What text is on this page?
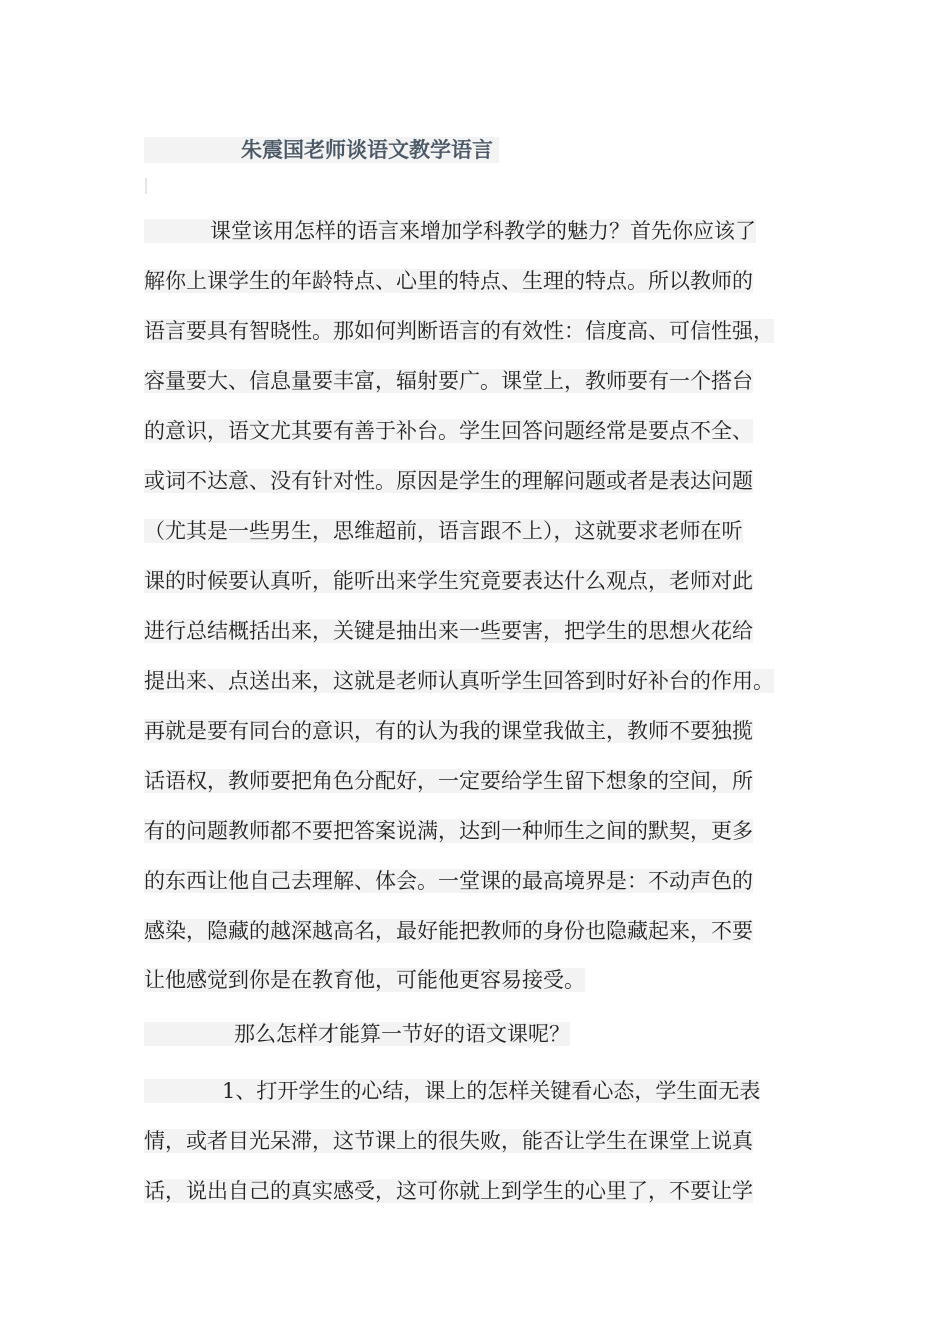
朱震国老师谈语文教学语言
课堂该用怎样的语言来增加学科教学的魅力？首先你应该了
解你上课学生的年龄特点、心里的特点、生理的特点。所以教师的
语言要具有智晓性。那如何判断语言的有效性：信度高、可信性强，
容量要大、信息量要丰富，辐射要广。课堂上，教师要有一个搭台
的意识，语文尤其要有善于补台。学生回答问题经常是要点不全、
或词不达意、没有针对性。原因是学生的理解问题或者是表达问题
（尤其是一些男生，思维超前，语言跟不上），这就要求老师在听
课的时候要认真听，能听出来学生究竟要表达什么观点，老师对此
进行总结概括出来，关键是抽出来一些要害，把学生的思想火花给
提出来、点送出来，这就是老师认真听学生回答到时好补台的作用。
再就是要有同台的意识，有的认为我的课堂我做主，教师不要独揽
话语权，教师要把角色分配好，一定要给学生留下想象的空间，所
有的问题教师都不要把答案说满，达到一种师生之间的默契，更多
的东西让他自己去理解、体会。一堂课的最高境界是：不动声色的
感染，隐藏的越深越高名，最好能把教师的身份也隐藏起来，不要
让他感觉到你是在教育他，可能他更容易接受。
那么怎样才能算一节好的语文课呢？
1、打开学生的心结，课上的怎样关键看心态，学生面无表
情，或者目光呆滞，这节课上的很失败，能否让学生在课堂上说真
话，说出自己的真实感受，这可你就上到学生的心里了，不要让学
